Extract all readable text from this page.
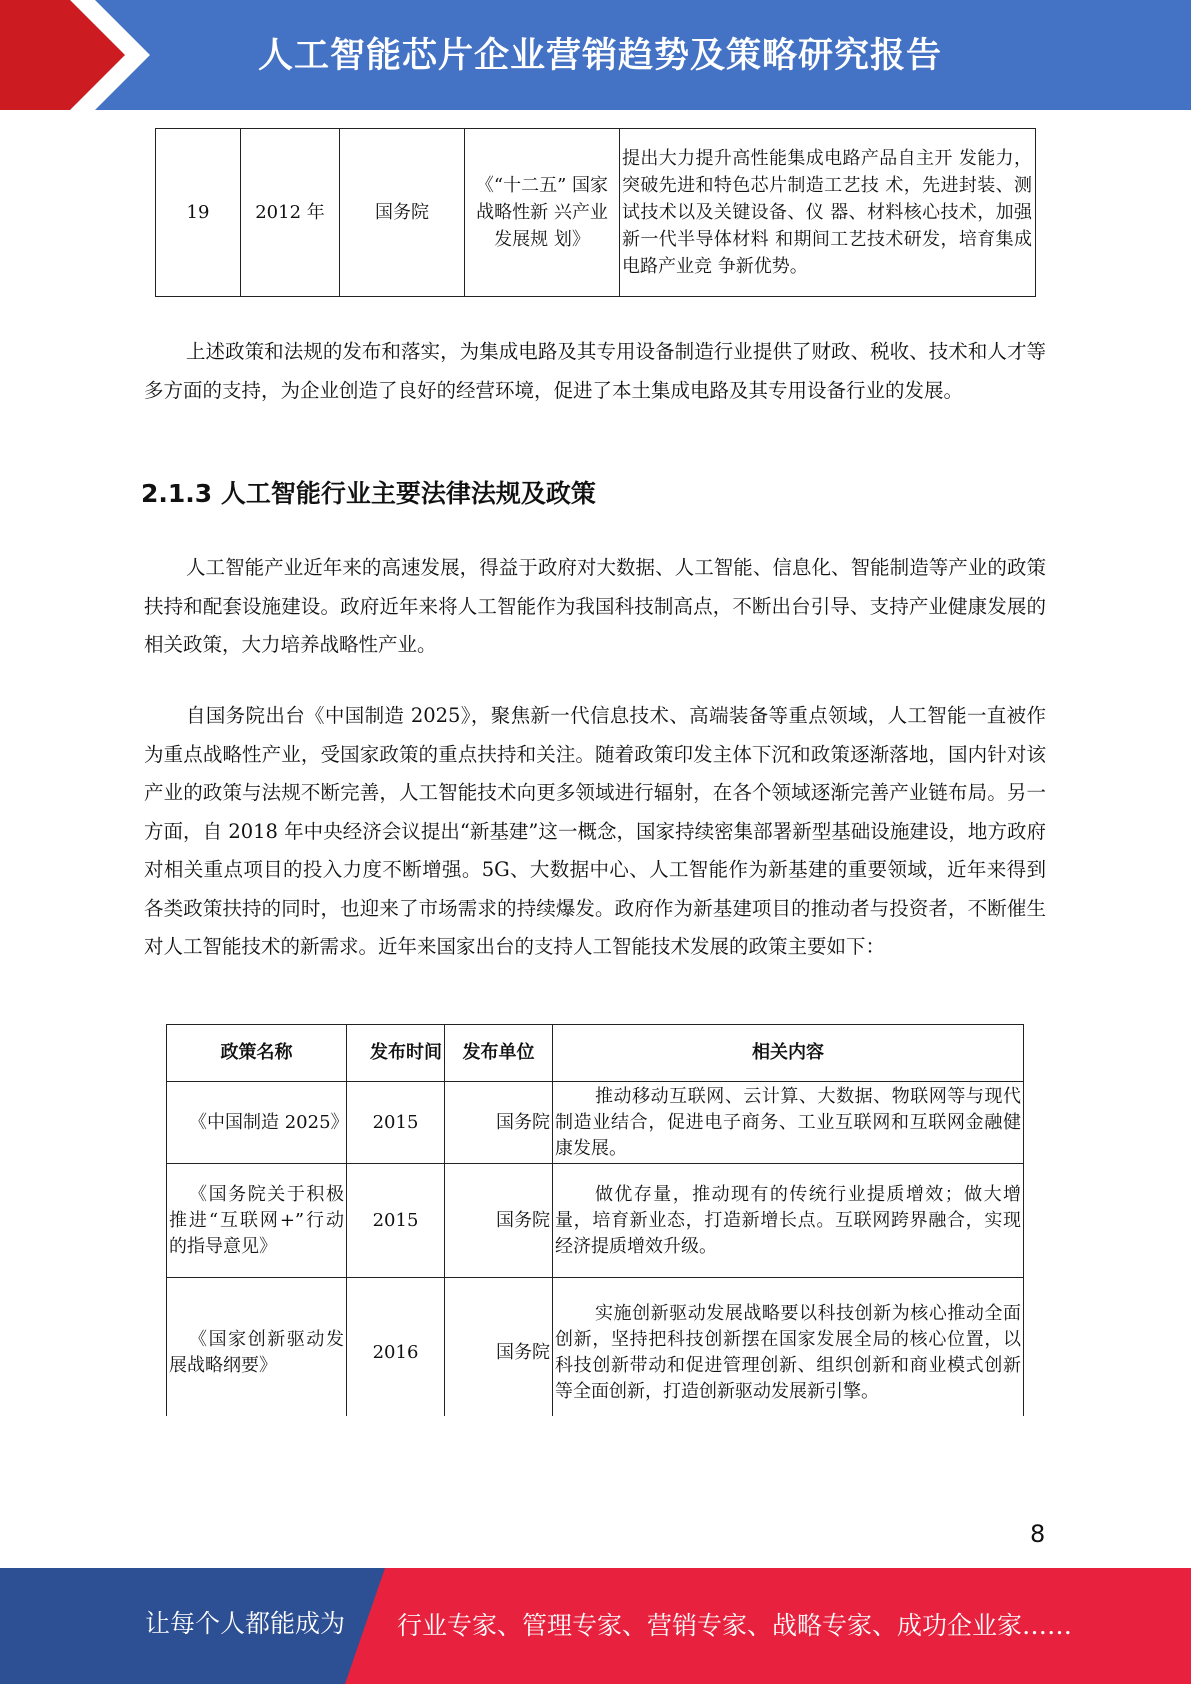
人工智能芯片企业营销趋势及策略研究报告
19	2012 年	国务院	《“十二五” 国家战略性新 兴产业发展规 划》	提出大力提升高性能集成电路产品自主开 发能力，突破先进和特色芯片制造工艺技 术，先进封装、测试技术以及关键设备、仪 器、材料核心技术，加强新一代半导体材料 和期间工艺技术研发，培育集成电路产业竞 争新优势。

上述政策和法规的发布和落实，为集成电路及其专用设备制造行业提供了财政、税收、技术和人才等多方面的支持，为企业创造了良好的经营环境，促进了本土集成电路及其专用设备行业的发展。

2.1.3 人工智能行业主要法律法规及政策

人工智能产业近年来的高速发展，得益于政府对大数据、人工智能、信息化、智能制造等产业的政策扶持和配套设施建设。政府近年来将人工智能作为我国科技制高点，不断出台引导、支持产业健康发展的相关政策，大力培养战略性产业。

自国务院出台《中国制造 2025》，聚焦新一代信息技术、高端装备等重点领域，人工智能一直被作为重点战略性产业，受国家政策的重点扶持和关注。随着政策印发主体下沉和政策逐渐落地，国内针对该产业的政策与法规不断完善，人工智能技术向更多领域进行辐射，在各个领域逐渐完善产业链布局。另一方面，自 2018 年中央经济会议提出“新基建”这一概念，国家持续密集部署新型基础设施建设，地方政府对相关重点项目的投入力度不断增强。5G、大数据中心、人工智能作为新基建的重要领域，近年来得到各类政策扶持的同时，也迎来了市场需求的持续爆发。政府作为新基建项目的推动者与投资者，不断催生对人工智能技术的新需求。近年来国家出台的支持人工智能技术发展的政策主要如下：

政策名称	发布时间	发布单位	相关内容

《中国制造 2025》	2015	国务院	推动移动互联网、云计算、大数据、物联网等与现代制造业结合，促进电子商务、工业互联网和互联网金融健康发展。

《国务院关于积极推进“互联网+”行动的指导意见》	2015	国务院	做优存量，推动现有的传统行业提质增效；做大增量，培育新业态，打造新增长点。互联网跨界融合，实现经济提质增效升级。

《国家创新驱动发展战略纲要》	2016	国务院	实施创新驱动发展战略要以科技创新为核心推动全面创新，坚持把科技创新摆在国家发展全局的核心位置，以科技创新带动和促进管理创新、组织创新和商业模式创新等全面创新，打造创新驱动发展新引擎。
8
让每个人都能成为 行业专家、管理专家、营销专家、战略专家、成功企业家……
